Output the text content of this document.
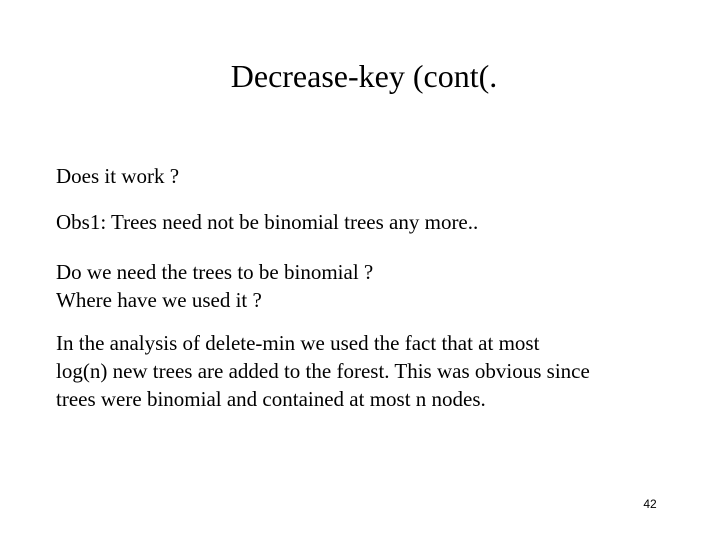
Decrease-key (cont(.

Does it work ?

Obs1: Trees need not be binomial trees any more..

Do we need the trees to be binomial ?
Where have we used it ?

In the analysis of delete-min we used the fact that at most
log(n) new trees are added to the forest. This was obvious since
trees were binomial and contained at most n nodes.

42
